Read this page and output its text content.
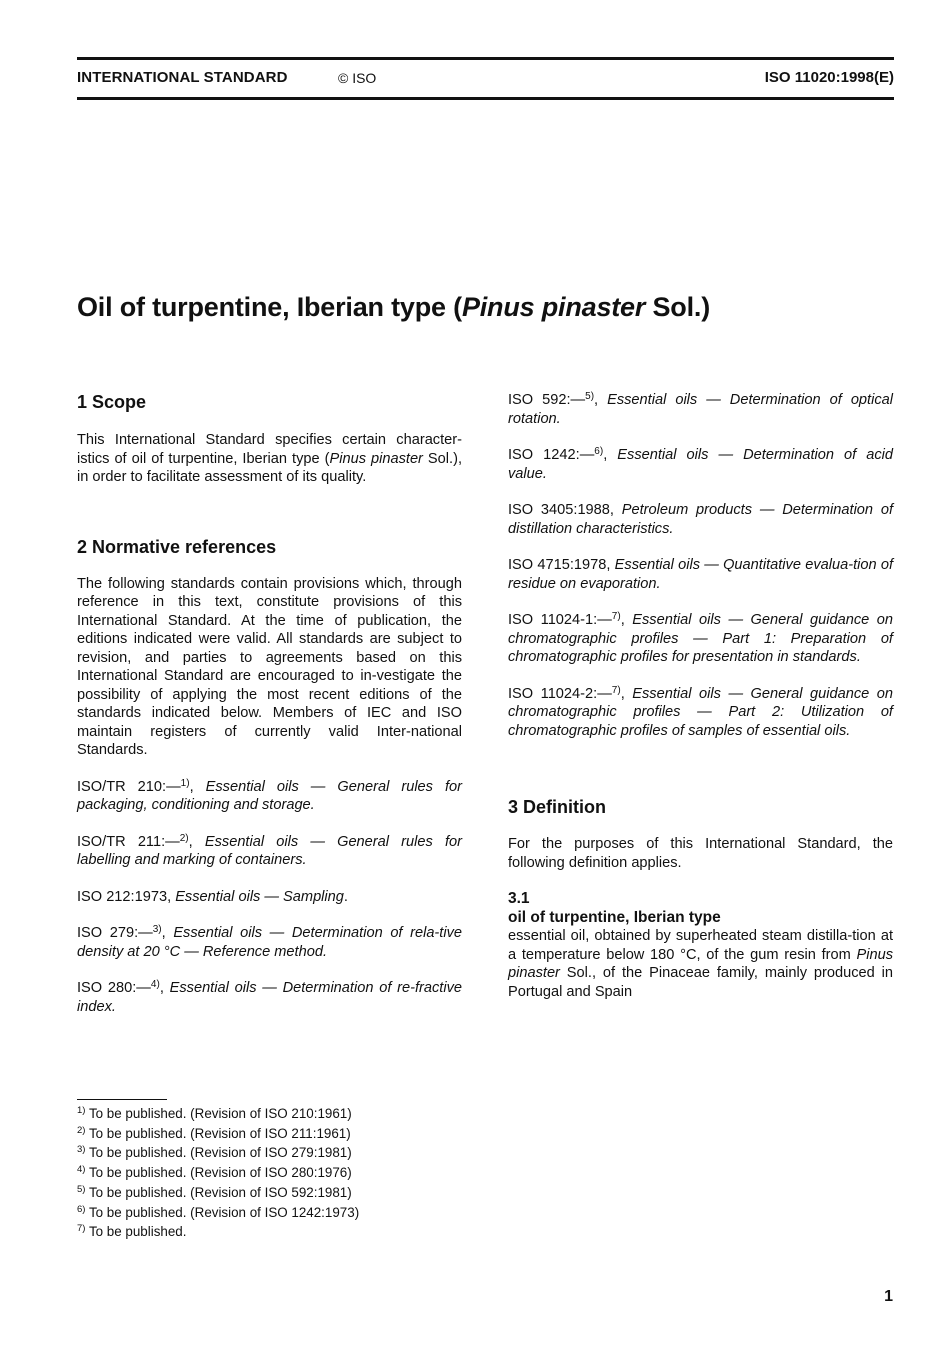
INTERNATIONAL STANDARD	© ISO	ISO 11020:1998(E)
Oil of turpentine, Iberian type (Pinus pinaster Sol.)
1 Scope

This International Standard specifies certain character-istics of oil of turpentine, Iberian type (Pinus pinaster Sol.), in order to facilitate assessment of its quality.

2 Normative references

The following standards contain provisions which, through reference in this text, constitute provisions of this International Standard. At the time of publication, the editions indicated were valid. All standards are subject to revision, and parties to agreements based on this International Standard are encouraged to in-vestigate the possibility of applying the most recent editions of the standards indicated below. Members of IEC and ISO maintain registers of currently valid Inter-national Standards.

ISO/TR 210:—$^{1)}$, Essential oils — General rules for packaging, conditioning and storage.

ISO/TR 211:—$^{2)}$, Essential oils — General rules for labelling and marking of containers.

ISO 212:1973, Essential oils — Sampling.

ISO 279:—$^{3)}$, Essential oils — Determination of rela-tive density at 20 °C — Reference method.

ISO 280:—$^{4)}$, Essential oils — Determination of re-fractive index.

ISO 592:—$^{5)}$, Essential oils — Determination of optical rotation.

ISO 1242:—$^{6)}$, Essential oils — Determination of acid value.

ISO 3405:1988, Petroleum products — Determination of distillation characteristics.

ISO 4715:1978, Essential oils — Quantitative evalua-tion of residue on evaporation.

ISO 11024-1:—$^{7)}$, Essential oils — General guidance on chromatographic profiles — Part 1: Preparation of chromatographic profiles for presentation in standards.

ISO 11024-2:—$^{7)}$, Essential oils — General guidance on chromatographic profiles — Part 2: Utilization of chromatographic profiles of samples of essential oils.

3 Definition

For the purposes of this International Standard, the following definition applies.

3.1
oil of turpentine, Iberian type

essential oil, obtained by superheated steam distilla-tion at a temperature below 180 °C, of the gum resin from Pinus pinaster Sol., of the Pinaceae family, mainly produced in Portugal and Spain

$^{1)}$ To be published. (Revision of ISO 210:1961)
$^{2)}$ To be published. (Revision of ISO 211:1961)
$^{3)}$ To be published. (Revision of ISO 279:1981)
$^{4)}$ To be published. (Revision of ISO 280:1976)
$^{5)}$ To be published. (Revision of ISO 592:1981)
$^{6)}$ To be published. (Revision of ISO 1242:1973)
$^{7)}$ To be published.
1
